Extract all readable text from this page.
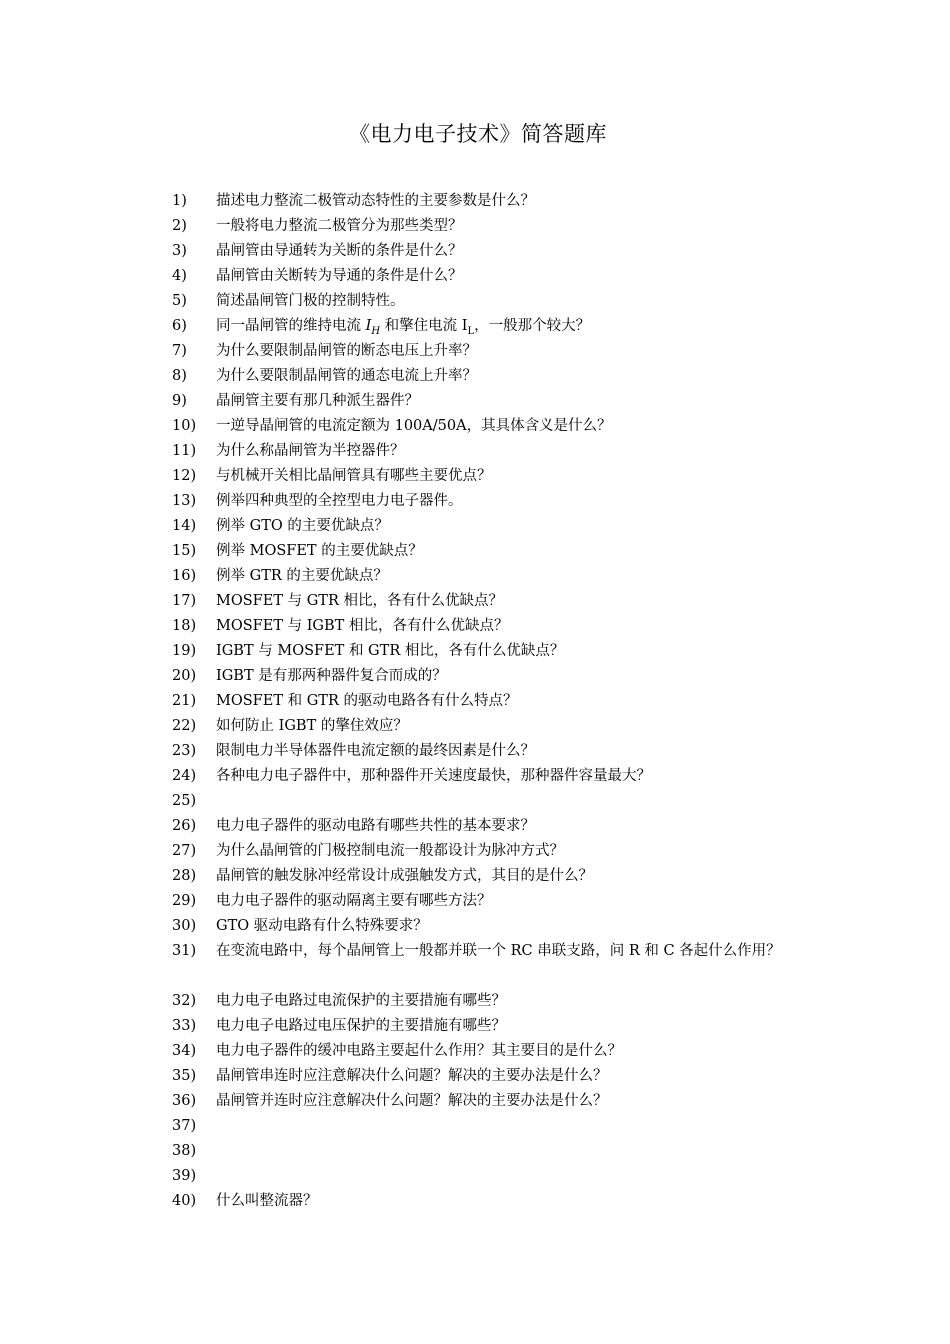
《电力电子技术》简答题库
1)	描述电力整流二极管动态特性的主要参数是什么？
2)	一般将电力整流二极管分为那些类型？
3)	晶闸管由导通转为关断的条件是什么？
4)	晶闸管由关断转为导通的条件是什么？
5)	简述晶闸管门极的控制特性。
6)	同一晶闸管的维持电流 $I_H$ 和擎住电流 $I_L$，一般那个较大？
7)	为什么要限制晶闸管的断态电压上升率？
8)	为什么要限制晶闸管的通态电流上升率？
9)	晶闸管主要有那几种派生器件？
10)	一逆导晶闸管的电流定额为 100A/50A，其具体含义是什么？
11)	为什么称晶闸管为半控器件？
12)	与机械开关相比晶闸管具有哪些主要优点？
13)	例举四种典型的全控型电力电子器件。
14)	例举 GTO 的主要优缺点？
15)	例举 MOSFET 的主要优缺点？
16)	例举 GTR 的主要优缺点？
17)	MOSFET 与 GTR 相比，各有什么优缺点？
18)	MOSFET 与 IGBT 相比，各有什么优缺点？
19)	IGBT 与 MOSFET 和 GTR 相比，各有什么优缺点？
20)	IGBT 是有那两种器件复合而成的？
21)	MOSFET 和 GTR 的驱动电路各有什么特点？
22)	如何防止 IGBT 的擎住效应？
23)	限制电力半导体器件电流定额的最终因素是什么？
24)	各种电力电子器件中，那种器件开关速度最快，那种器件容量最大？
25)
26)	电力电子器件的驱动电路有哪些共性的基本要求？
27)	为什么晶闸管的门极控制电流一般都设计为脉冲方式？
28)	晶闸管的触发脉冲经常设计成强触发方式，其目的是什么？
29)	电力电子器件的驱动隔离主要有哪些方法？
30)	GTO 驱动电路有什么特殊要求？
31)	在变流电路中，每个晶闸管上一般都并联一个 RC 串联支路，问 R 和 C 各起什么作用？
32)	电力电子电路过电流保护的主要措施有哪些？
33)	电力电子电路过电压保护的主要措施有哪些？
34)	电力电子器件的缓冲电路主要起什么作用？其主要目的是什么？
35)	晶闸管串连时应注意解决什么问题？解决的主要办法是什么？
36)	晶闸管并连时应注意解决什么问题？解决的主要办法是什么？
37)
38)
39)
40)	什么叫整流器？
